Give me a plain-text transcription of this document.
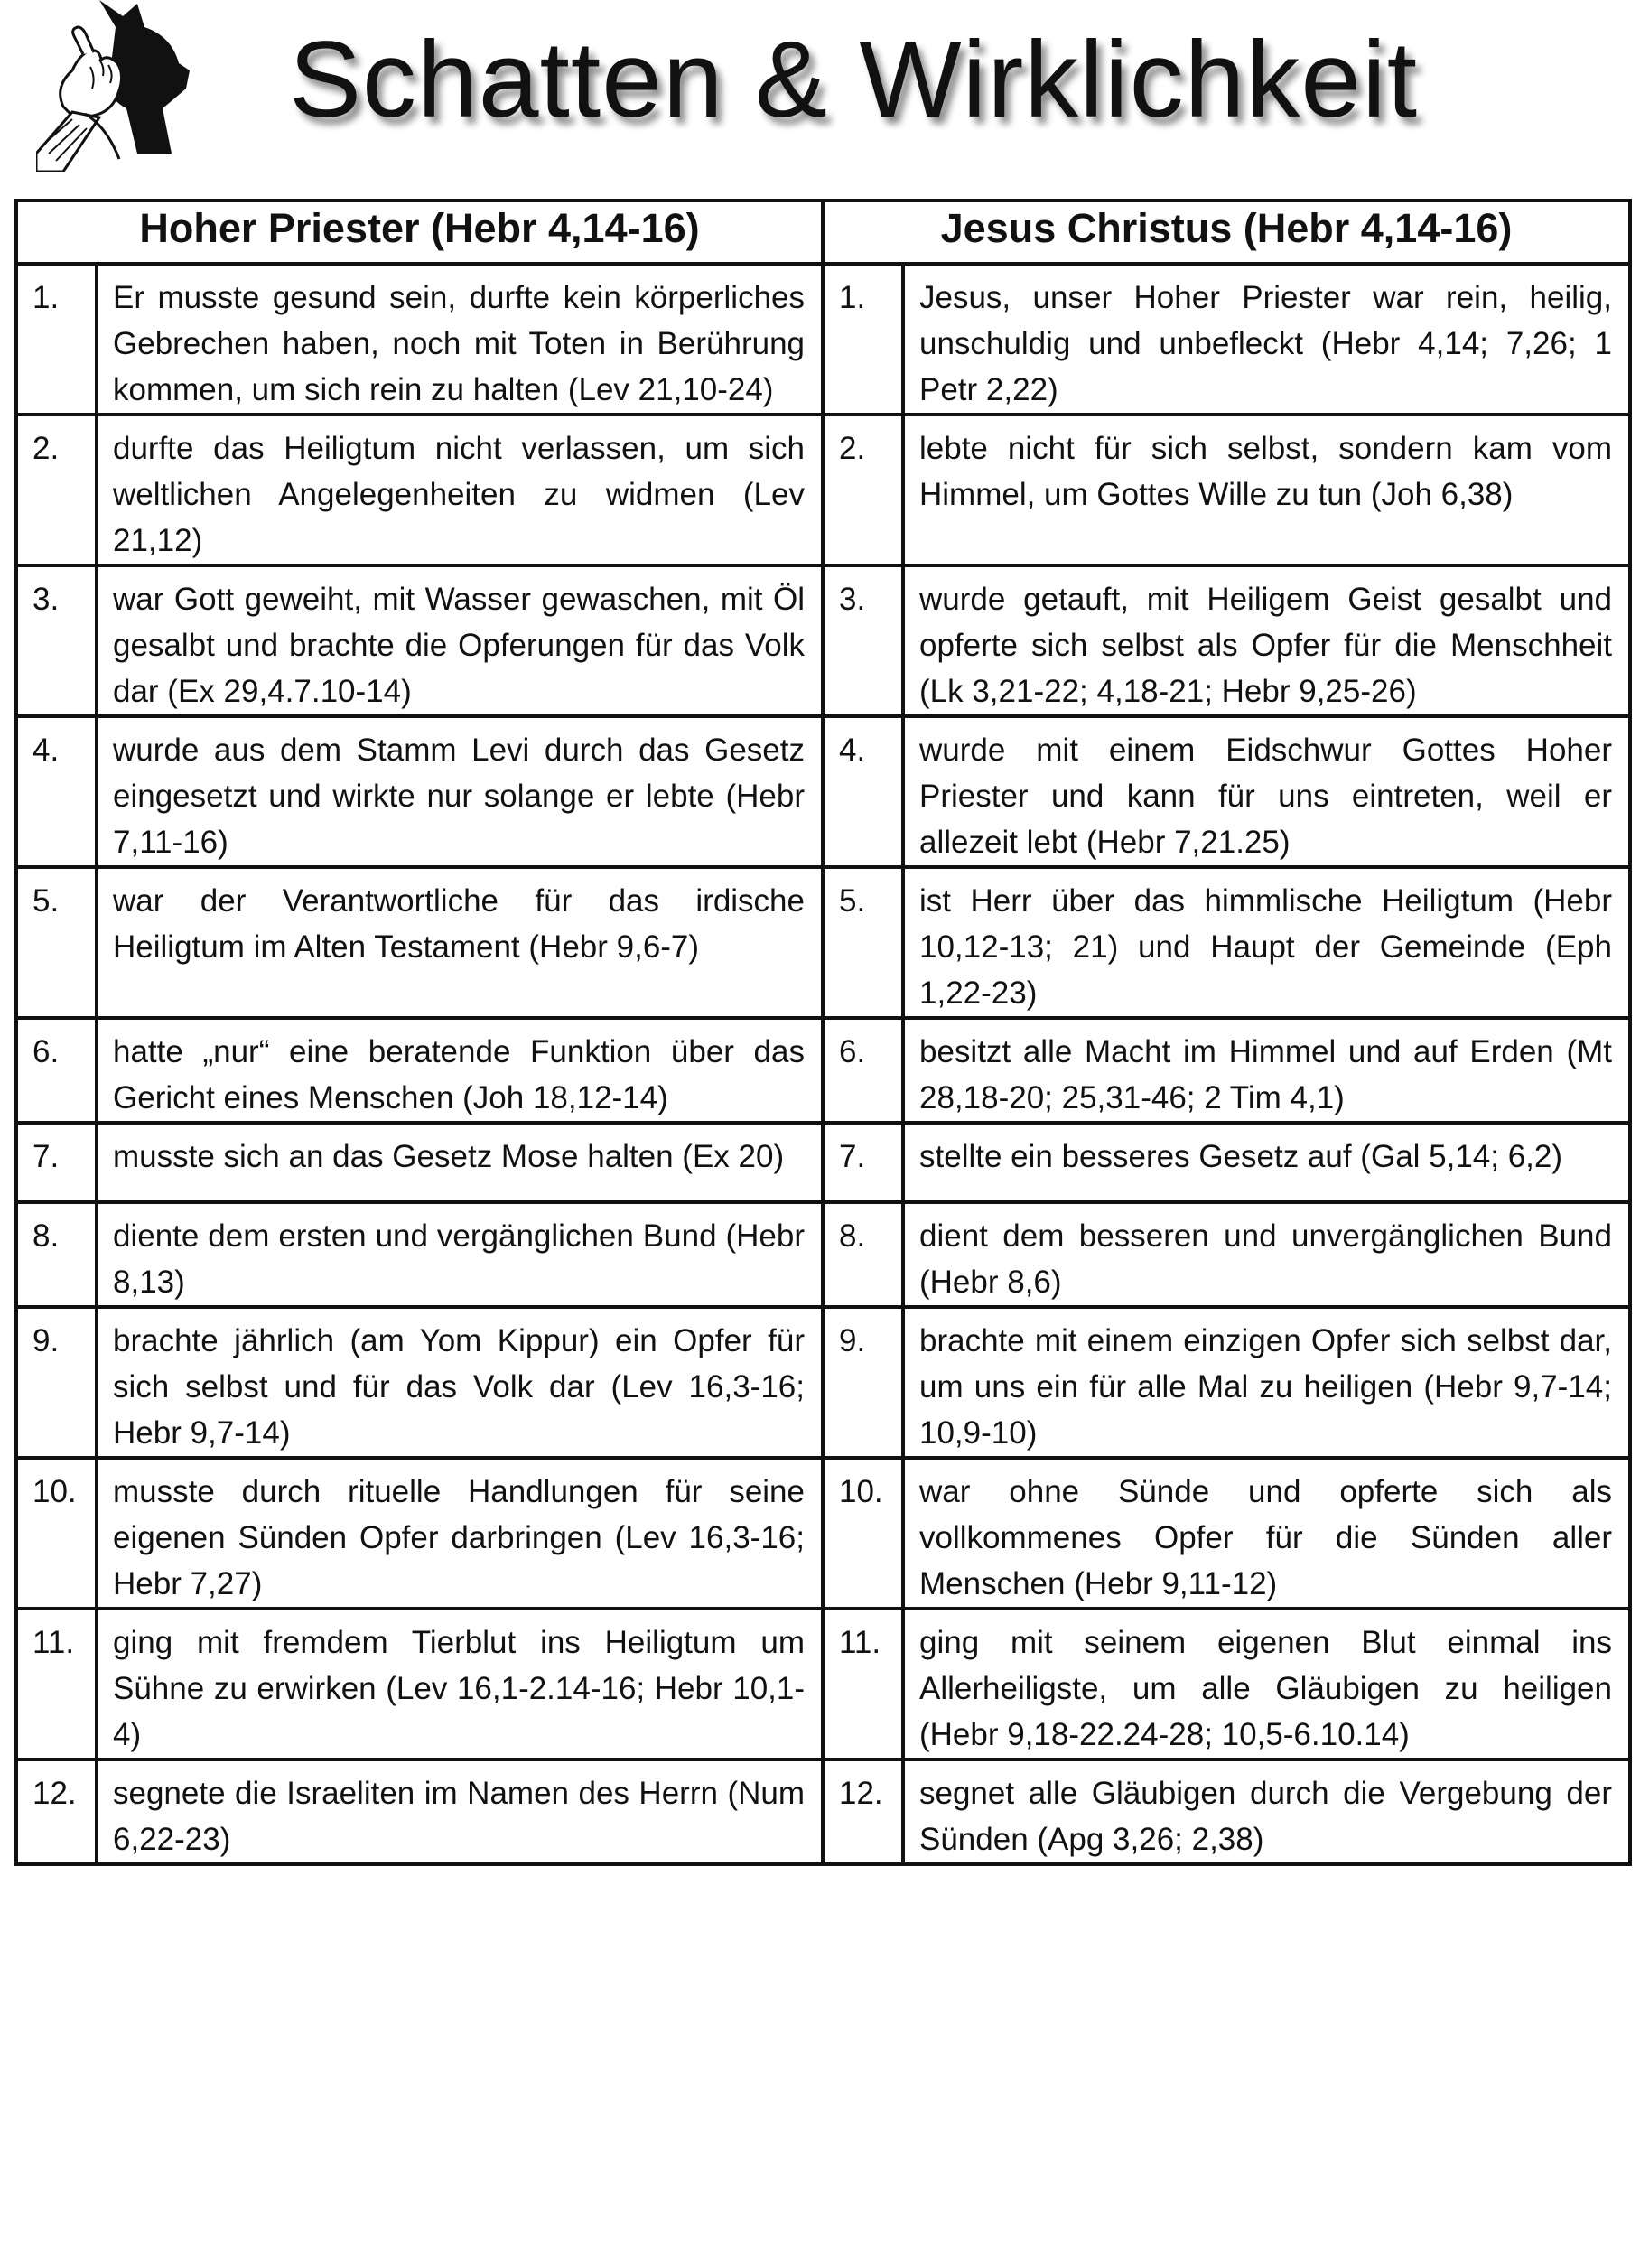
Schatten & Wirklichkeit
Hoher Priester (Hebr 4,14-16)		Jesus Christus (Hebr 4,14-16)	
1.	Er musste gesund sein, durfte kein körperliches Gebrechen haben, noch mit Toten in Berührung kommen, um sich rein zu halten (Lev 21,10-24)	1.	Jesus, unser Hoher Priester war rein, heilig, unschuldig und unbefleckt (Hebr 4,14; 7,26; 1 Petr 2,22)
2.	durfte das Heiligtum nicht verlassen, um sich weltlichen Angelegenheiten zu widmen (Lev 21,12)	2.	lebte nicht für sich selbst, sondern kam vom Himmel, um Gottes Wille zu tun (Joh 6,38)
3.	war Gott geweiht, mit Wasser gewaschen, mit Öl gesalbt und brachte die Opferungen für das Volk dar (Ex 29,4.7.10-14)	3.	wurde getauft, mit Heiligem Geist gesalbt und opferte sich selbst als Opfer für die Menschheit (Lk 3,21-22; 4,18-21; Hebr 9,25-26)
4.	wurde aus dem Stamm Levi durch das Gesetz eingesetzt und wirkte nur solange er lebte (Hebr 7,11-16)	4.	wurde mit einem Eidschwur Gottes Hoher Priester und kann für uns eintreten, weil er allezeit lebt (Hebr 7,21.25)
5.	war der Verantwortliche für das irdische Heiligtum im Alten Testament (Hebr 9,6-7)	5.	ist Herr über das himmlische Heiligtum (Hebr 10,12-13; 21) und Haupt der Gemeinde (Eph 1,22-23)
6.	hatte „nur“ eine beratende Funktion über das Gericht eines Menschen (Joh 18,12-14)	6.	besitzt alle Macht im Himmel und auf Erden (Mt 28,18-20; 25,31-46; 2 Tim 4,1)
7.	musste sich an das Gesetz Mose halten (Ex 20)	7.	stellte ein besseres Gesetz auf (Gal 5,14; 6,2)
8.	diente dem ersten und vergänglichen Bund (Hebr 8,13)	8.	dient dem besseren und unvergänglichen Bund (Hebr 8,6)
9.	brachte jährlich (am Yom Kippur) ein Opfer für sich selbst und für das Volk dar (Lev 16,3-16; Hebr 9,7-14)	9.	brachte mit einem einzigen Opfer sich selbst dar, um uns ein für alle Mal zu heiligen (Hebr 9,7-14; 10,9-10)
10.	musste durch rituelle Handlungen für seine eigenen Sünden Opfer darbringen (Lev 16,3-16; Hebr 7,27)	10.	war ohne Sünde und opferte sich als vollkommenes Opfer für die Sünden aller Menschen (Hebr 9,11-12)
11.	ging mit fremdem Tierblut ins Heiligtum um Sühne zu erwirken (Lev 16,1-2.14-16; Hebr 10,1-4)	11.	ging mit seinem eigenen Blut einmal ins Allerheiligste, um alle Gläubigen zu heiligen (Hebr 9,18-22.24-28; 10,5-6.10.14)
12.	segnete die Israeliten im Namen des Herrn (Num 6,22-23)	12.	segnet alle Gläubigen durch die Vergebung der Sünden (Apg 3,26; 2,38)
